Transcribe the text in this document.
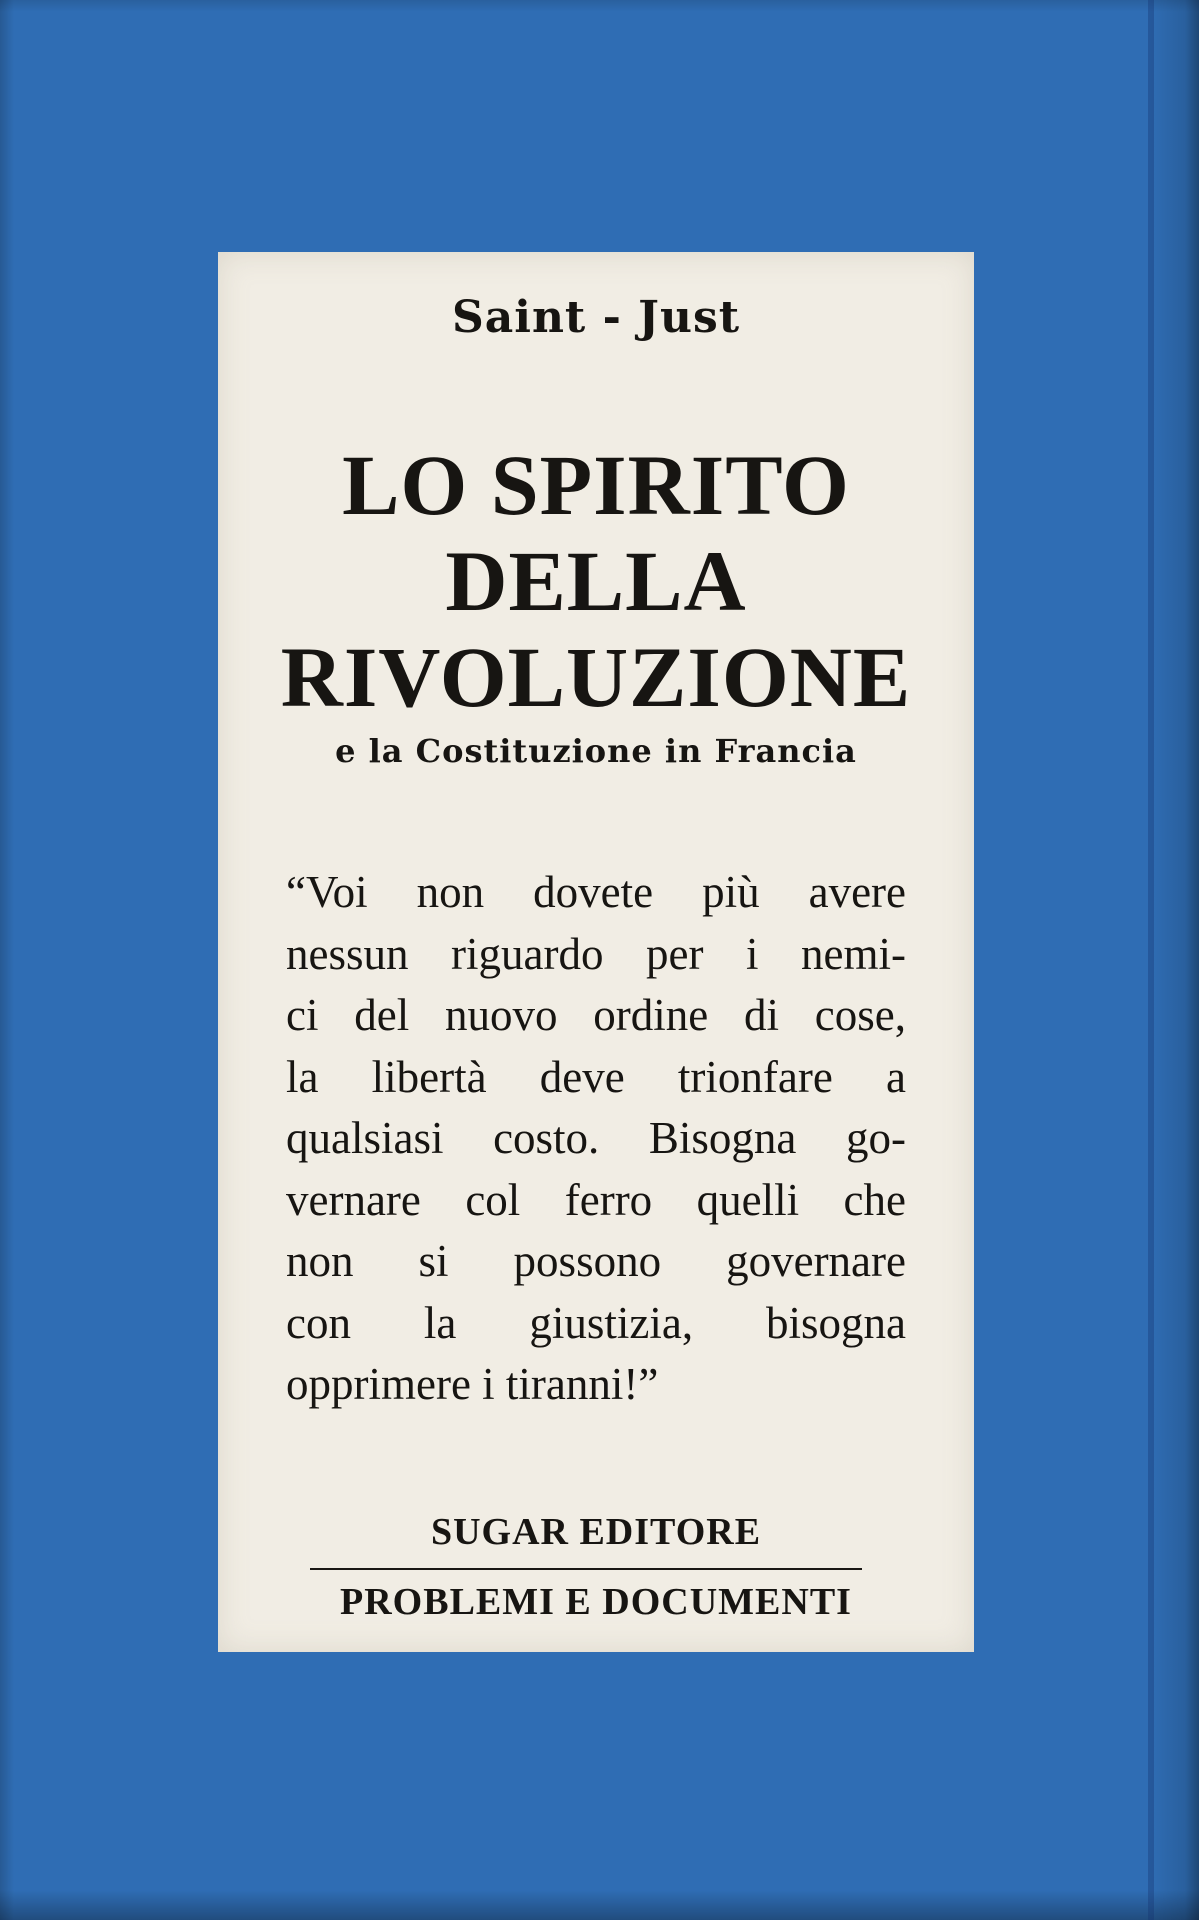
Saint - Just
LO SPIRITO
DELLA
RIVOLUZIONE
e la Costituzione in Francia
“Voi non dovete più avere
nessun riguardo per i nemi-
ci del nuovo ordine di cose,
la libertà deve trionfare a
qualsiasi costo. Bisogna go-
vernare col ferro quelli che
non si possono governare
con la giustizia, bisogna
opprimere i tiranni!”
SUGAR EDITORE
PROBLEMI E DOCUMENTI
